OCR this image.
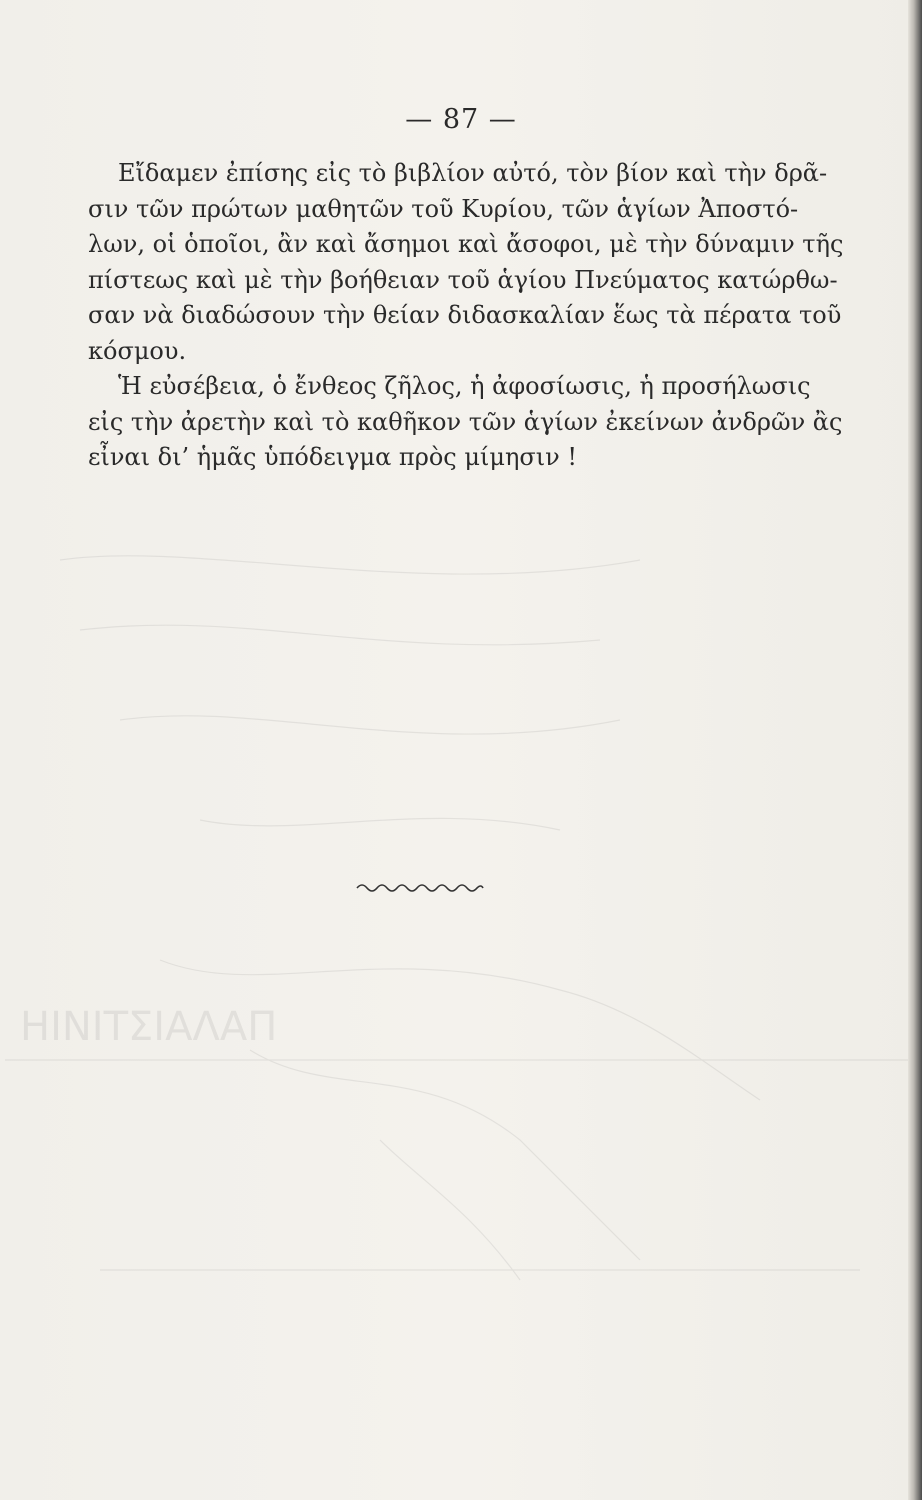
ΗΙΝΙΤΣΙΑΛΑΠ
— 87 —
Εἴδαμεν ἐπίσης εἰς τὸ βιβλίον αὐτό, τὸν βίον καὶ τὴν δρᾶ-
σιν τῶν πρώτων μαθητῶν τοῦ Κυρίου, τῶν ἁγίων Ἀποστό-
λων, οἱ ὁποῖοι, ἂν καὶ ἄσημοι καὶ ἄσοφοι, μὲ τὴν δύναμιν τῆς
πίστεως καὶ μὲ τὴν βοήθειαν τοῦ ἁγίου Πνεύματος κατώρθω-
σαν νὰ διαδώσουν τὴν θείαν διδασκαλίαν ἕως τὰ πέρατα τοῦ
κόσμου.
Ἡ εὐσέβεια, ὁ ἔνθεος ζῆλος, ἡ ἀφοσίωσις, ἡ προσήλωσις
εἰς τὴν ἀρετὴν καὶ τὸ καθῆκον τῶν ἁγίων ἐκείνων ἀνδρῶν ἂς
εἶναι δι’ ἡμᾶς ὑπόδειγμα πρὸς μίμησιν !
